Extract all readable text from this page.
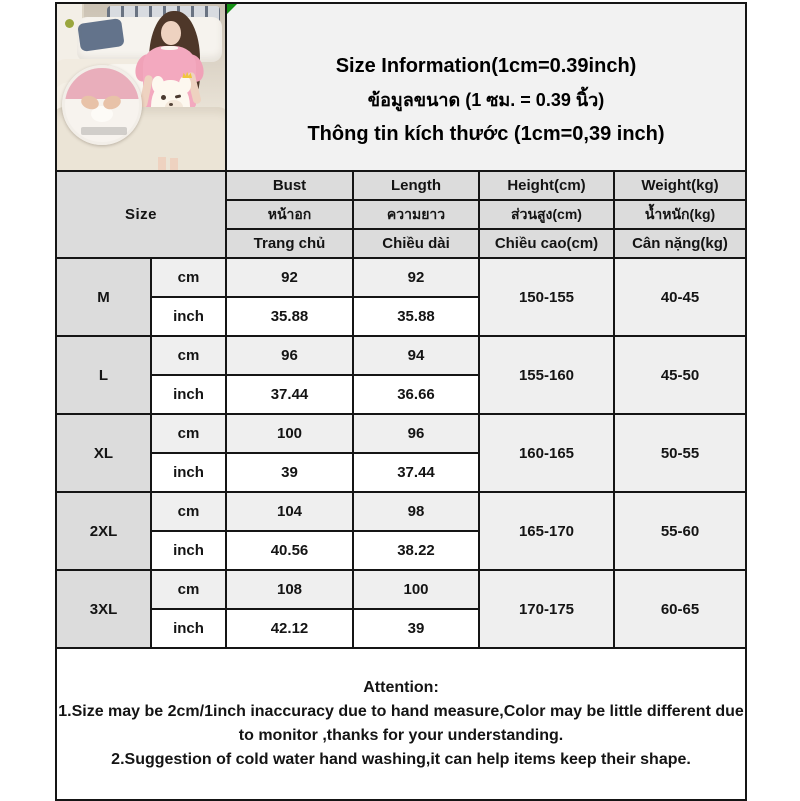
		Size Information(1cm=0.39inch)
ข้อมูลขนาด (1 ซม. = 0.39 นิ้ว)
Thông tin kích thước (1cm=0,39 inch)			

Size		Bust	Length	Height(cm)	Weight(kg)
		หน้าอก	ความยาว	ส่วนสูง(cm)	น้ำหนัก(kg)
		Trang chủ	Chiều dài	Chiều cao(cm)	Cân nặng(kg)
M	cm	92	92	150-155	40-45
	inch	35.88	35.88		
L	cm	96	94	155-160	45-50
	inch	37.44	36.66		
XL	cm	100	96	160-165	50-55
	inch	39	37.44		
2XL	cm	104	98	165-170	55-60
	inch	40.56	38.22		
3XL	cm	108	100	170-175	60-65
	inch	42.12	39		

Attention:
1.Size may be 2cm/1inch inaccuracy due to hand measure,Color may be little different due to monitor ,thanks for your understanding.
2.Suggestion of cold water hand washing,it can help items keep their shape.					
